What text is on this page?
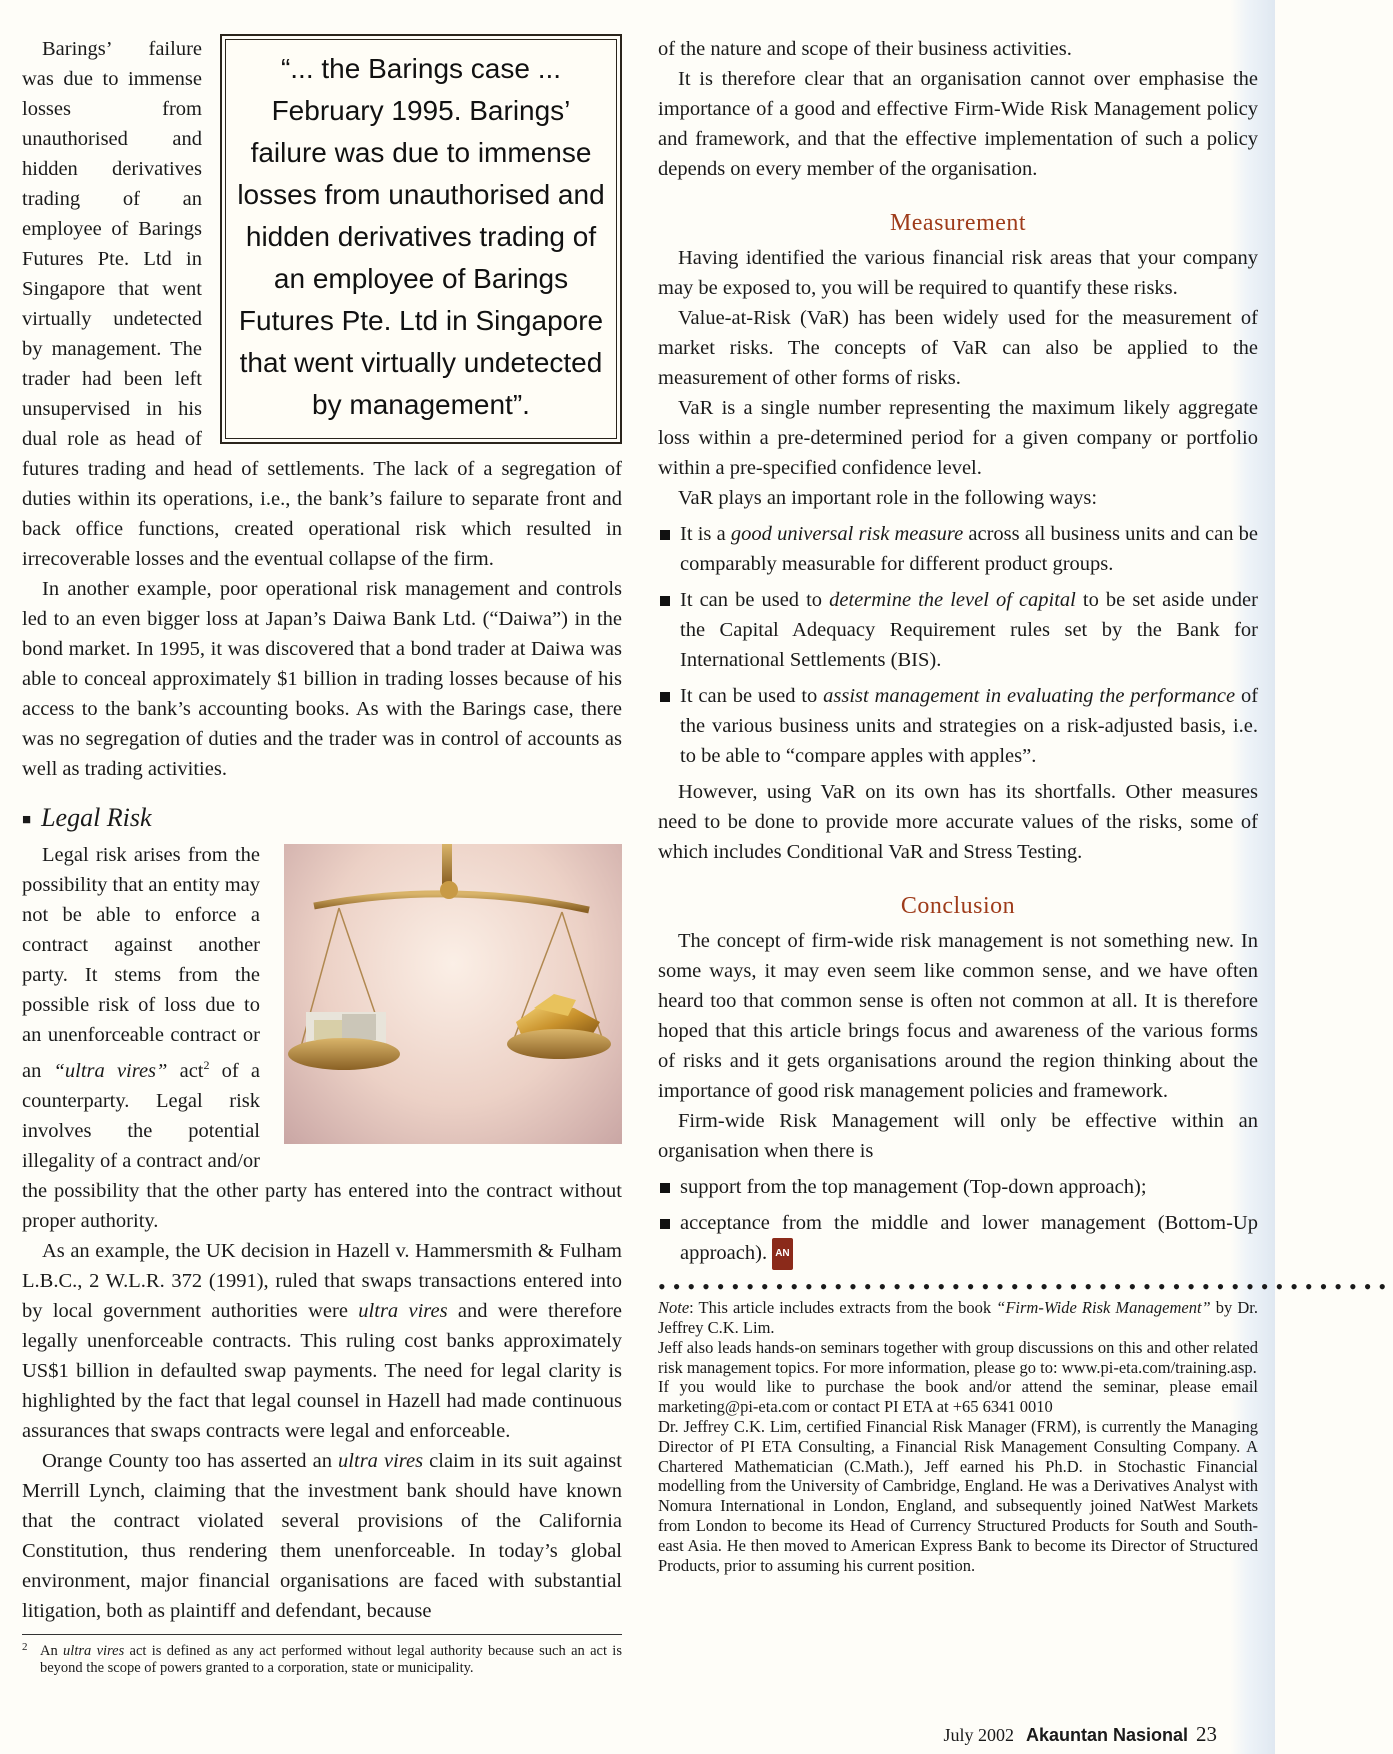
“... the Barings case ... February 1995. Barings’ failure was due to immense losses from unauthorised and hidden derivatives trading of an employee of Barings Futures Pte. Ltd in Singapore that went virtually undetected by management”.

Barings’ failure was due to immense losses from unauthorised and hidden derivatives trading of an employee of Barings Futures Pte. Ltd in Singapore that went virtually undetected by management. The trader had been left unsupervised in his dual role as head of futures trading and head of settlements. The lack of a segregation of duties within its operations, i.e., the bank’s failure to separate front and back office functions, created operational risk which resulted in irrecoverable losses and the eventual collapse of the firm.

In another example, poor operational risk management and controls led to an even bigger loss at Japan’s Daiwa Bank Ltd. (“Daiwa”) in the bond market. In 1995, it was discovered that a bond trader at Daiwa was able to conceal approximately $1 billion in trading losses because of his access to the bank’s accounting books. As with the Barings case, there was no segregation of duties and the trader was in control of accounts as well as trading activities.

■ Legal Risk

Legal risk arises from the possibility that an entity may not be able to enforce a contract against another party. It stems from the possible risk of loss due to an unenforceable contract or an “ultra vires” act$^2$ of a counterparty. Legal risk involves the potential illegality of a contract and/or the possibility that the other party has entered into the contract without proper authority.

As an example, the UK decision in Hazell v. Hammersmith & Fulham L.B.C., 2 W.L.R. 372 (1991), ruled that swaps transactions entered into by local government authorities were ultra vires and were therefore legally unenforceable contracts. This ruling cost banks approximately US$1 billion in defaulted swap payments. The need for legal clarity is highlighted by the fact that legal counsel in Hazell had made continuous assurances that swaps contracts were legal and enforceable.

Orange County too has asserted an ultra vires claim in its suit against Merrill Lynch, claiming that the investment bank should have known that the contract violated several provisions of the California Constitution, thus rendering them unenforceable. In today’s global environment, major financial organisations are faced with substantial litigation, both as plaintiff and defendant, because

2 An ultra vires act is defined as any act performed without legal authority because such an act is beyond the scope of powers granted to a corporation, state or municipality.

of the nature and scope of their business activities.

It is therefore clear that an organisation cannot over emphasise the importance of a good and effective Firm-Wide Risk Management policy and framework, and that the effective implementation of such a policy depends on every member of the organisation.

Measurement

Having identified the various financial risk areas that your company may be exposed to, you will be required to quantify these risks.

Value-at-Risk (VaR) has been widely used for the measurement of market risks. The concepts of VaR can also be applied to the measurement of other forms of risks.

VaR is a single number representing the maximum likely aggregate loss within a pre-determined period for a given company or portfolio within a pre-specified confidence level.

VaR plays an important role in the following ways:

It is a good universal risk measure across all business units and can be comparably measurable for different product groups.
It can be used to determine the level of capital to be set aside under the Capital Adequacy Requirement rules set by the Bank for International Settlements (BIS).
It can be used to assist management in evaluating the performance of the various business units and strategies on a risk-adjusted basis, i.e. to be able to “compare apples with apples”.

However, using VaR on its own has its shortfalls. Other measures need to be done to provide more accurate values of the risks, some of which includes Conditional VaR and Stress Testing.

Conclusion

The concept of firm-wide risk management is not something new. In some ways, it may even seem like common sense, and we have often heard too that common sense is often not common at all. It is therefore hoped that this article brings focus and awareness of the various forms of risks and it gets organisations around the region thinking about the importance of good risk management policies and framework.

Firm-wide Risk Management will only be effective within an organisation when there is

support from the top management (Top-down approach);
acceptance from the middle and lower management (Bottom-Up approach). AN
••••••••••••••••••••••••••••••••••••••••••••••••••

Note: This article includes extracts from the book “Firm-Wide Risk Management” by Dr. Jeffrey C.K. Lim.

Jeff also leads hands-on seminars together with group discussions on this and other related risk management topics. For more information, please go to: www.pi-eta.com/training.asp.

If you would like to purchase the book and/or attend the seminar, please email marketing@pi-eta.com or contact PI ETA at +65 6341 0010

Dr. Jeffrey C.K. Lim, certified Financial Risk Manager (FRM), is currently the Managing Director of PI ETA Consulting, a Financial Risk Management Consulting Company. A Chartered Mathematician (C.Math.), Jeff earned his Ph.D. in Stochastic Financial modelling from the University of Cambridge, England. He was a Derivatives Analyst with Nomura International in London, England, and subsequently joined NatWest Markets from London to become its Head of Currency Structured Products for South and South-east Asia. He then moved to American Express Bank to become its Director of Structured Products, prior to assuming his current position.

July 2002 Akauntan Nasional 23
